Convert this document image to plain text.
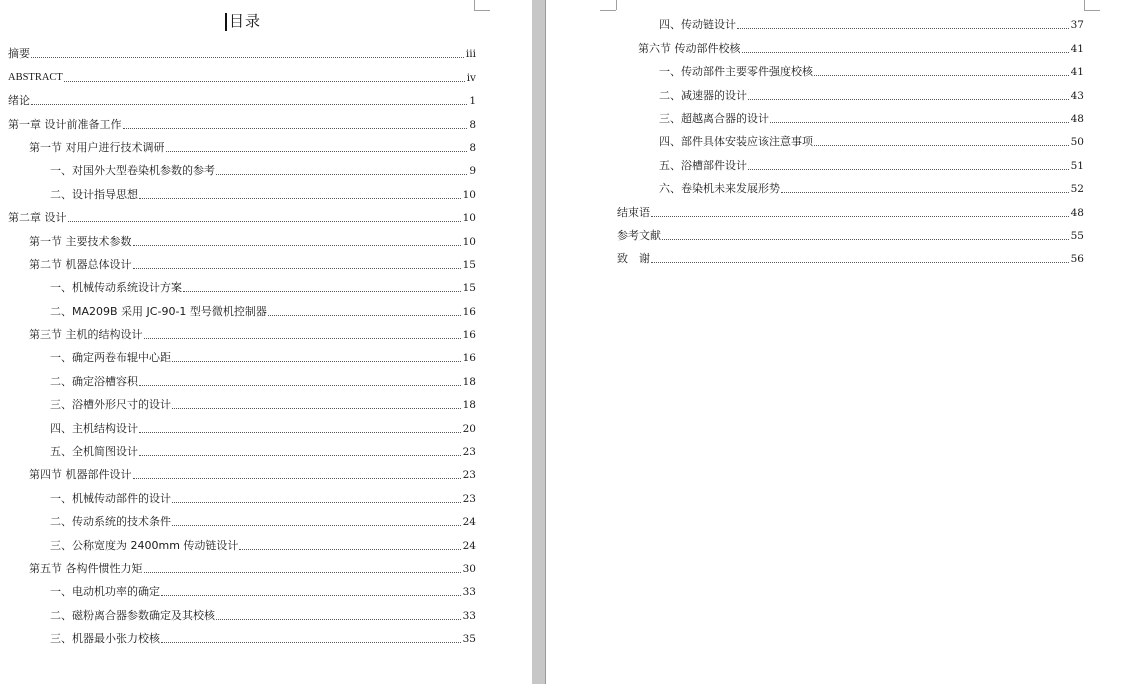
目录
摘要	iii
ABSTRACT	iv
绪论	1
第一章 设计前准备工作	8
第一节 对用户进行技术调研	8
一、对国外大型卷染机参数的参考	9
二、设计指导思想	10
第二章 设计	10
第一节 主要技术参数	10
第二节 机器总体设计	15
一、机械传动系统设计方案	15
二、MA209B 采用 JC-90-1 型号微机控制器	16
第三节 主机的结构设计	16
一、确定两卷布辊中心距	16
二、确定浴槽容积	18
三、浴槽外形尺寸的设计	18
四、主机结构设计	20
五、全机简图设计	23
第四节 机器部件设计	23
一、机械传动部件的设计	23
二、传动系统的技术条件	24
三、公称宽度为 2400mm 传动链设计	24
第五节 各构件惯性力矩	30
一、电动机功率的确定	33
二、磁粉离合器参数确定及其校核	33
三、机器最小张力校核	35
四、传动链设计	37
第六节 传动部件校核	41
一、传动部件主要零件强度校核	41
二、减速器的设计	43
三、超越离合器的设计	48
四、部件具体安装应该注意事项	50
五、浴槽部件设计	51
六、卷染机未来发展形势	52
结束语	48
参考文献	55
致　谢	56
